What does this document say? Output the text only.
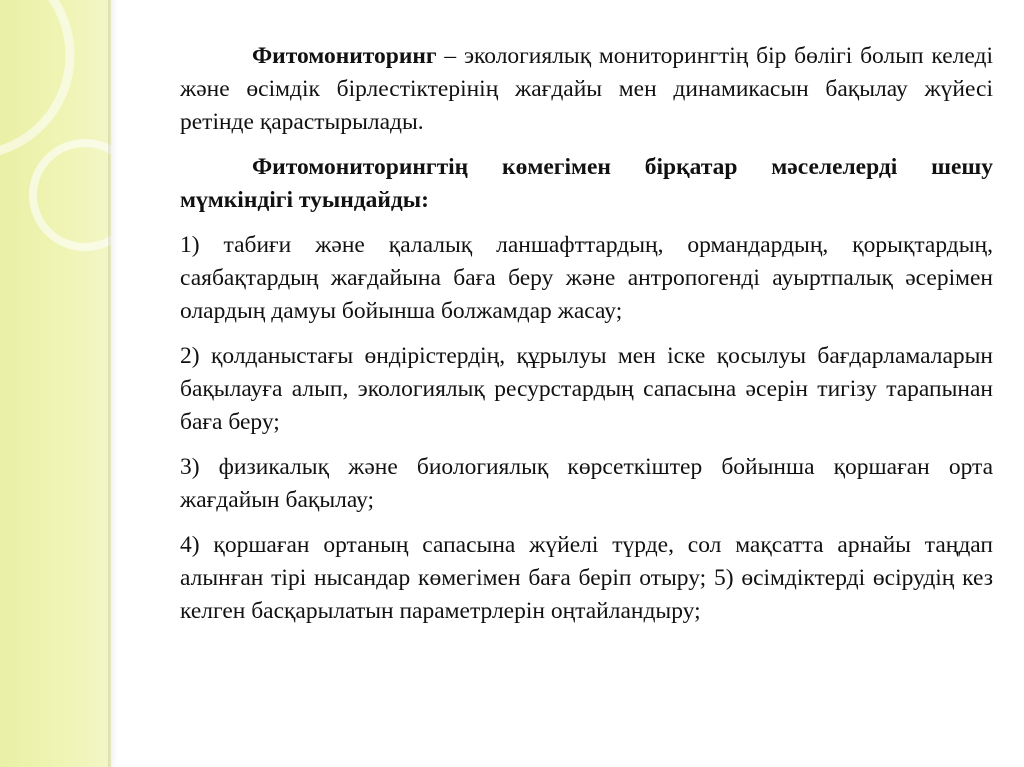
Фитомониторинг – экологиялық мониторингтің бір бөлігі болып келеді және өсімдік бірлестіктерінің жағдайы мен динамикасын бақылау жүйесі ретінде қарастырылады.

Фитомониторингтің көмегімен бірқатар мәселелерді шешу мүмкіндігі туындайды:

1) табиғи және қалалық ланшафттардың, ормандардың, қорықтардың, саябақтардың жағдайына баға беру және антропогенді ауыртпалық әсерімен олардың дамуы бойынша болжамдар жасау;

2) қолданыстағы өндірістердің, құрылуы мен іске қосылуы бағдарламаларын бақылауға алып, экологиялық ресурстардың сапасына әсерін тигізу тарапынан баға беру;

3) физикалық және биологиялық көрсеткіштер бойынша қоршаған орта жағдайын бақылау;

4) қоршаған ортаның сапасына жүйелі түрде, сол мақсатта арнайы таңдап алынған тірі нысандар көмегімен баға беріп отыру; 5) өсімдіктерді өсірудің кез келген басқарылатын параметрлерін оңтайландыру;
